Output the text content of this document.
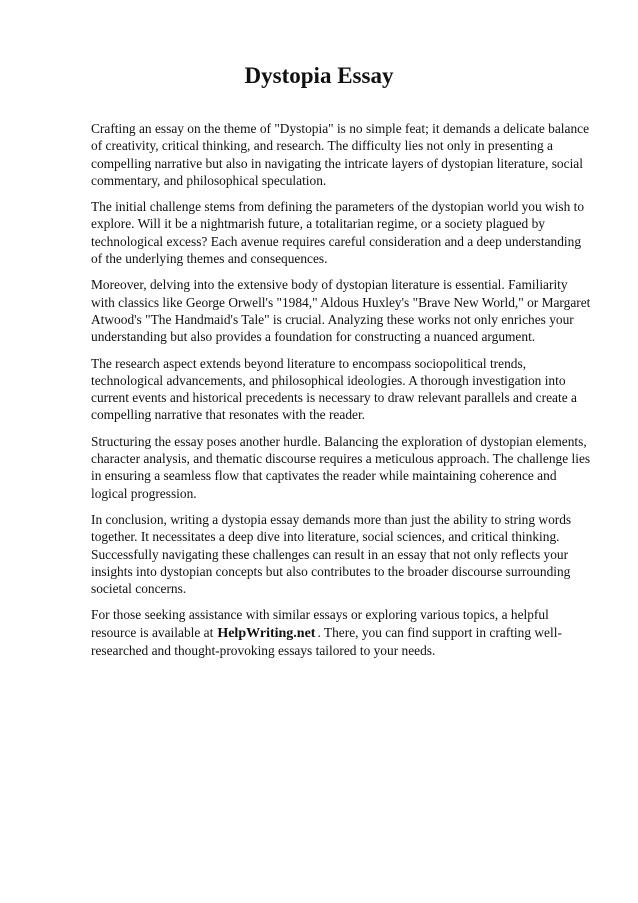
Dystopia Essay

Crafting an essay on the theme of "Dystopia" is no simple feat; it demands a delicate balance of creativity, critical thinking, and research. The difficulty lies not only in presenting a compelling narrative but also in navigating the intricate layers of dystopian literature, social commentary, and philosophical speculation.

The initial challenge stems from defining the parameters of the dystopian world you wish to explore. Will it be a nightmarish future, a totalitarian regime, or a society plagued by technological excess? Each avenue requires careful consideration and a deep understanding of the underlying themes and consequences.

Moreover, delving into the extensive body of dystopian literature is essential. Familiarity with classics like George Orwell's "1984," Aldous Huxley's "Brave New World," or Margaret Atwood's "The Handmaid's Tale" is crucial. Analyzing these works not only enriches your understanding but also provides a foundation for constructing a nuanced argument.

The research aspect extends beyond literature to encompass sociopolitical trends, technological advancements, and philosophical ideologies. A thorough investigation into current events and historical precedents is necessary to draw relevant parallels and create a compelling narrative that resonates with the reader.

Structuring the essay poses another hurdle. Balancing the exploration of dystopian elements, character analysis, and thematic discourse requires a meticulous approach. The challenge lies in ensuring a seamless flow that captivates the reader while maintaining coherence and logical progression.

In conclusion, writing a dystopia essay demands more than just the ability to string words together. It necessitates a deep dive into literature, social sciences, and critical thinking. Successfully navigating these challenges can result in an essay that not only reflects your insights into dystopian concepts but also contributes to the broader discourse surrounding societal concerns.

For those seeking assistance with similar essays or exploring various topics, a helpful resource is available at HelpWriting.net . There, you can find support in crafting well-researched and thought-provoking essays tailored to your needs.
